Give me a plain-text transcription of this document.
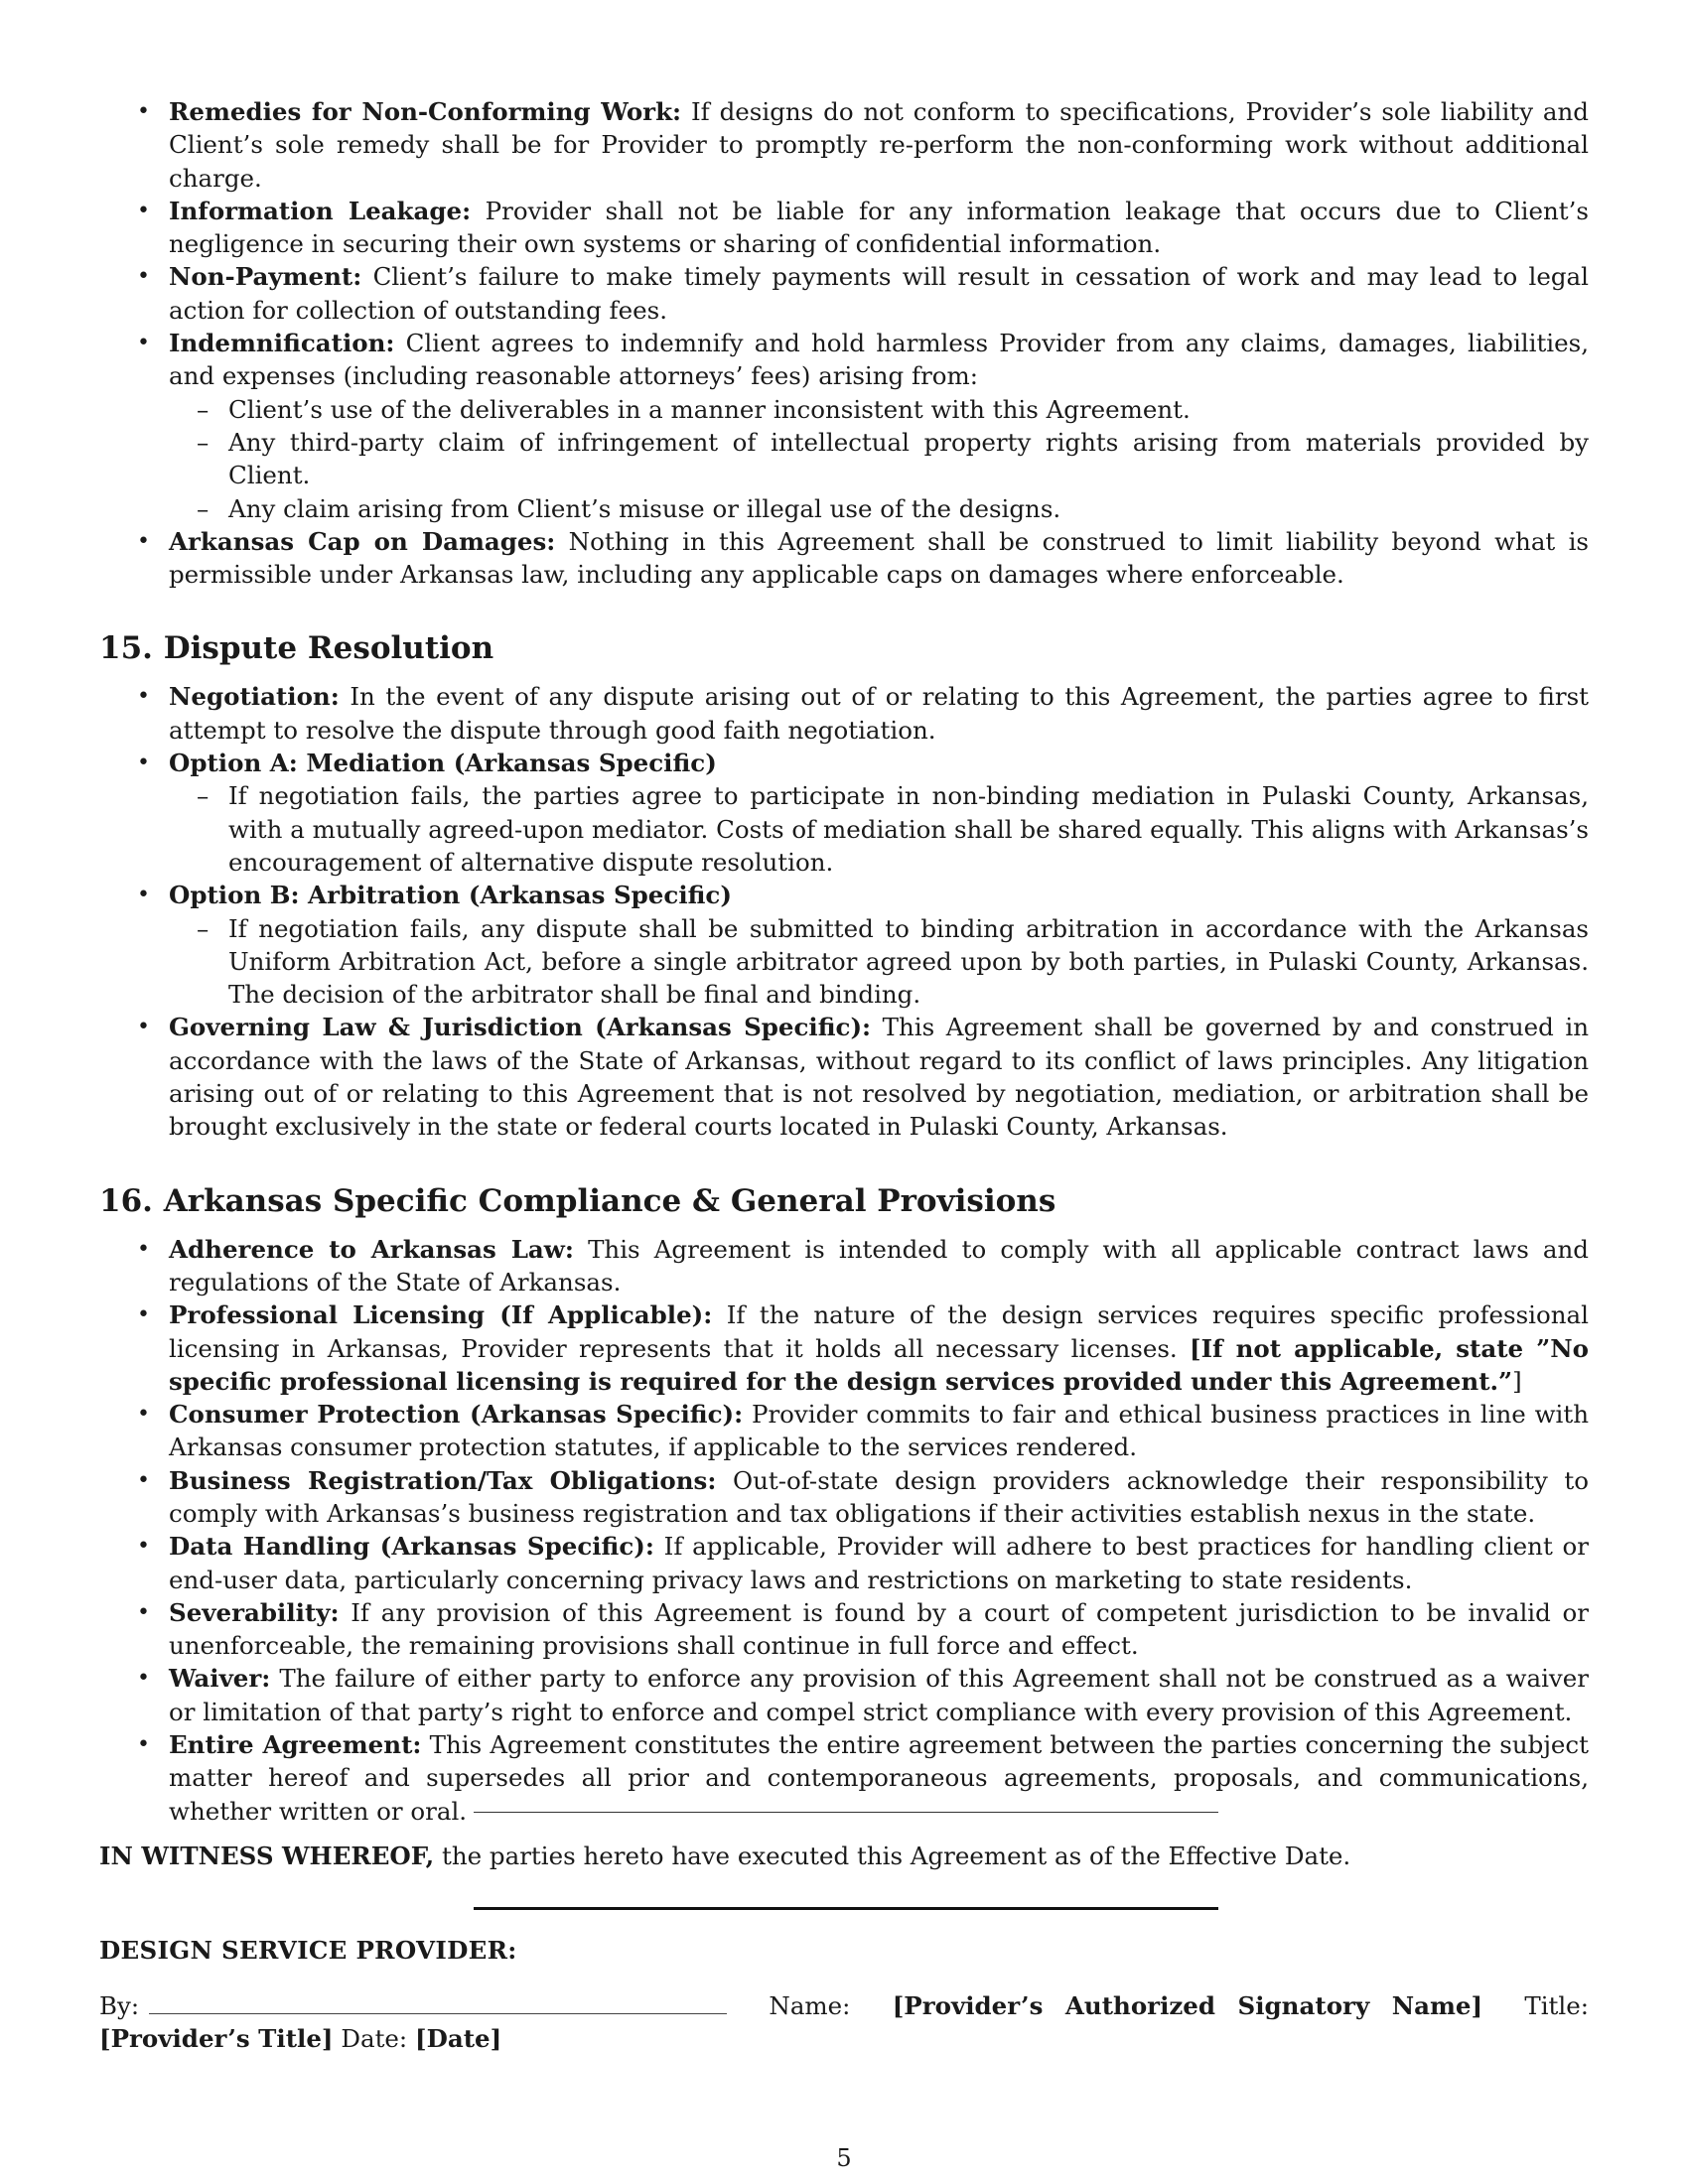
• Remedies for Non-Conforming Work: If designs do not conform to specifications, Provider’s sole liability and Client’s sole remedy shall be for Provider to promptly re-perform the non-conforming work without additional charge.
• Information Leakage: Provider shall not be liable for any information leakage that occurs due to Client’s negligence in securing their own systems or sharing of confidential information.
• Non-Payment: Client’s failure to make timely payments will result in cessation of work and may lead to legal action for collection of outstanding fees.
• Indemnification: Client agrees to indemnify and hold harmless Provider from any claims, damages, liabilities, and expenses (including reasonable attorneys’ fees) arising from:
– Client’s use of the deliverables in a manner inconsistent with this Agreement.
– Any third-party claim of infringement of intellectual property rights arising from materials provided by Client.
– Any claim arising from Client’s misuse or illegal use of the designs.
• Arkansas Cap on Damages: Nothing in this Agreement shall be construed to limit liability beyond what is permissible under Arkansas law, including any applicable caps on damages where enforceable.
15. Dispute Resolution
• Negotiation: In the event of any dispute arising out of or relating to this Agreement, the parties agree to first attempt to resolve the dispute through good faith negotiation.
• Option A: Mediation (Arkansas Specific)
– If negotiation fails, the parties agree to participate in non-binding mediation in Pulaski County, Arkansas, with a mutually agreed-upon mediator. Costs of mediation shall be shared equally. This aligns with Arkansas’s encouragement of alternative dispute resolution.
• Option B: Arbitration (Arkansas Specific)
– If negotiation fails, any dispute shall be submitted to binding arbitration in accordance with the Arkansas Uniform Arbitration Act, before a single arbitrator agreed upon by both parties, in Pulaski County, Arkansas. The decision of the arbitrator shall be final and binding.
• Governing Law & Jurisdiction (Arkansas Specific): This Agreement shall be governed by and construed in accordance with the laws of the State of Arkansas, without regard to its conflict of laws principles. Any litigation arising out of or relating to this Agreement that is not resolved by negotiation, mediation, or arbitration shall be brought exclusively in the state or federal courts located in Pulaski County, Arkansas.
16. Arkansas Specific Compliance & General Provisions
• Adherence to Arkansas Law: This Agreement is intended to comply with all applicable contract laws and regulations of the State of Arkansas.
• Professional Licensing (If Applicable): If the nature of the design services requires specific professional licensing in Arkansas, Provider represents that it holds all necessary licenses. [If not applicable, state ”No specific professional licensing is required for the design services provided under this Agreement.”]
• Consumer Protection (Arkansas Specific): Provider commits to fair and ethical business practices in line with Arkansas consumer protection statutes, if applicable to the services rendered.
• Business Registration/Tax Obligations: Out-of-state design providers acknowledge their responsibility to comply with Arkansas’s business registration and tax obligations if their activities establish nexus in the state.
• Data Handling (Arkansas Specific): If applicable, Provider will adhere to best practices for handling client or end-user data, particularly concerning privacy laws and restrictions on marketing to state residents.
• Severability: If any provision of this Agreement is found by a court of competent jurisdiction to be invalid or unenforceable, the remaining provisions shall continue in full force and effect.
• Waiver: The failure of either party to enforce any provision of this Agreement shall not be construed as a waiver or limitation of that party’s right to enforce and compel strict compliance with every provision of this Agreement.
• Entire Agreement: This Agreement constitutes the entire agreement between the parties concerning the subject matter hereof and supersedes all prior and contemporaneous agreements, proposals, and communications, whether written or oral.
IN WITNESS WHEREOF, the parties hereto have executed this Agreement as of the Effective Date.
DESIGN SERVICE PROVIDER:
By:	Name: [Provider’s Authorized Signatory Name] Title:
[Provider’s Title] Date: [Date]
5
